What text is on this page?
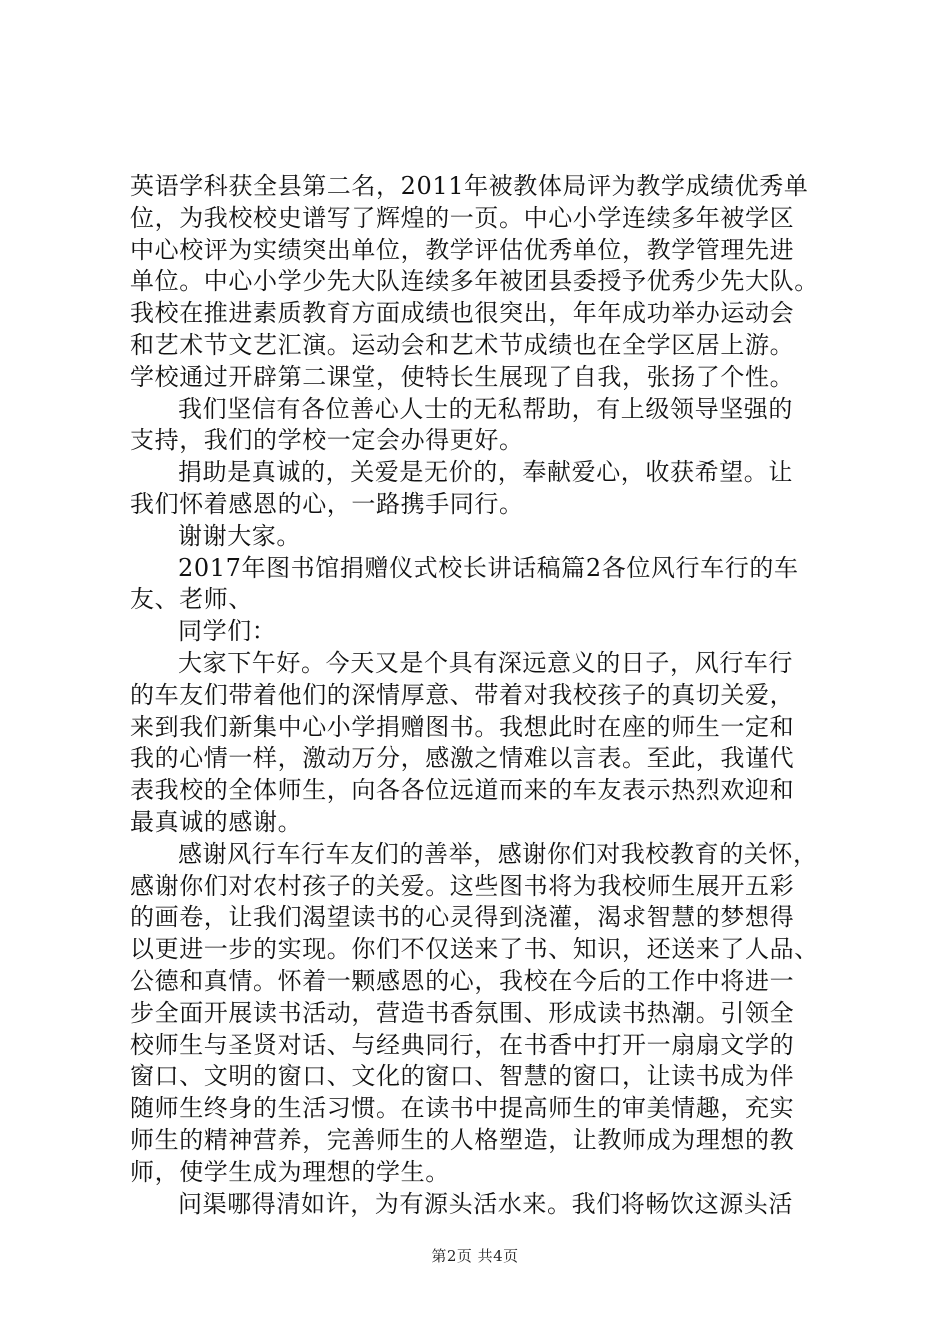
英语学科获全县第二名，2011年被教体局评为教学成绩优秀单
位，为我校校史谱写了辉煌的一页。中心小学连续多年被学区
中心校评为实绩突出单位，教学评估优秀单位，教学管理先进
单位。中心小学少先大队连续多年被团县委授予优秀少先大队。
我校在推进素质教育方面成绩也很突出，年年成功举办运动会
和艺术节文艺汇演。运动会和艺术节成绩也在全学区居上游。
学校通过开辟第二课堂，使特长生展现了自我，张扬了个性。
我们坚信有各位善心人士的无私帮助，有上级领导坚强的
支持，我们的学校一定会办得更好。
捐助是真诚的，关爱是无价的，奉献爱心，收获希望。让
我们怀着感恩的心，一路携手同行。
谢谢大家。
2017年图书馆捐赠仪式校长讲话稿篇2各位风行车行的车
友、老师、
同学们：
大家下午好。今天又是个具有深远意义的日子，风行车行
的车友们带着他们的深情厚意、带着对我校孩子的真切关爱，
来到我们新集中心小学捐赠图书。我想此时在座的师生一定和
我的心情一样，激动万分，感激之情难以言表。至此，我谨代
表我校的全体师生，向各各位远道而来的车友表示热烈欢迎和
最真诚的感谢。
感谢风行车行车友们的善举，感谢你们对我校教育的关怀，
感谢你们对农村孩子的关爱。这些图书将为我校师生展开五彩
的画卷，让我们渴望读书的心灵得到浇灌，渴求智慧的梦想得
以更进一步的实现。你们不仅送来了书、知识，还送来了人品、
公德和真情。怀着一颗感恩的心，我校在今后的工作中将进一
步全面开展读书活动，营造书香氛围、形成读书热潮。引领全
校师生与圣贤对话、与经典同行，在书香中打开一扇扇文学的
窗口、文明的窗口、文化的窗口、智慧的窗口，让读书成为伴
随师生终身的生活习惯。在读书中提高师生的审美情趣，充实
师生的精神营养，完善师生的人格塑造，让教师成为理想的教
师，使学生成为理想的学生。
问渠哪得清如许，为有源头活水来。我们将畅饮这源头活
第2页 共4页
